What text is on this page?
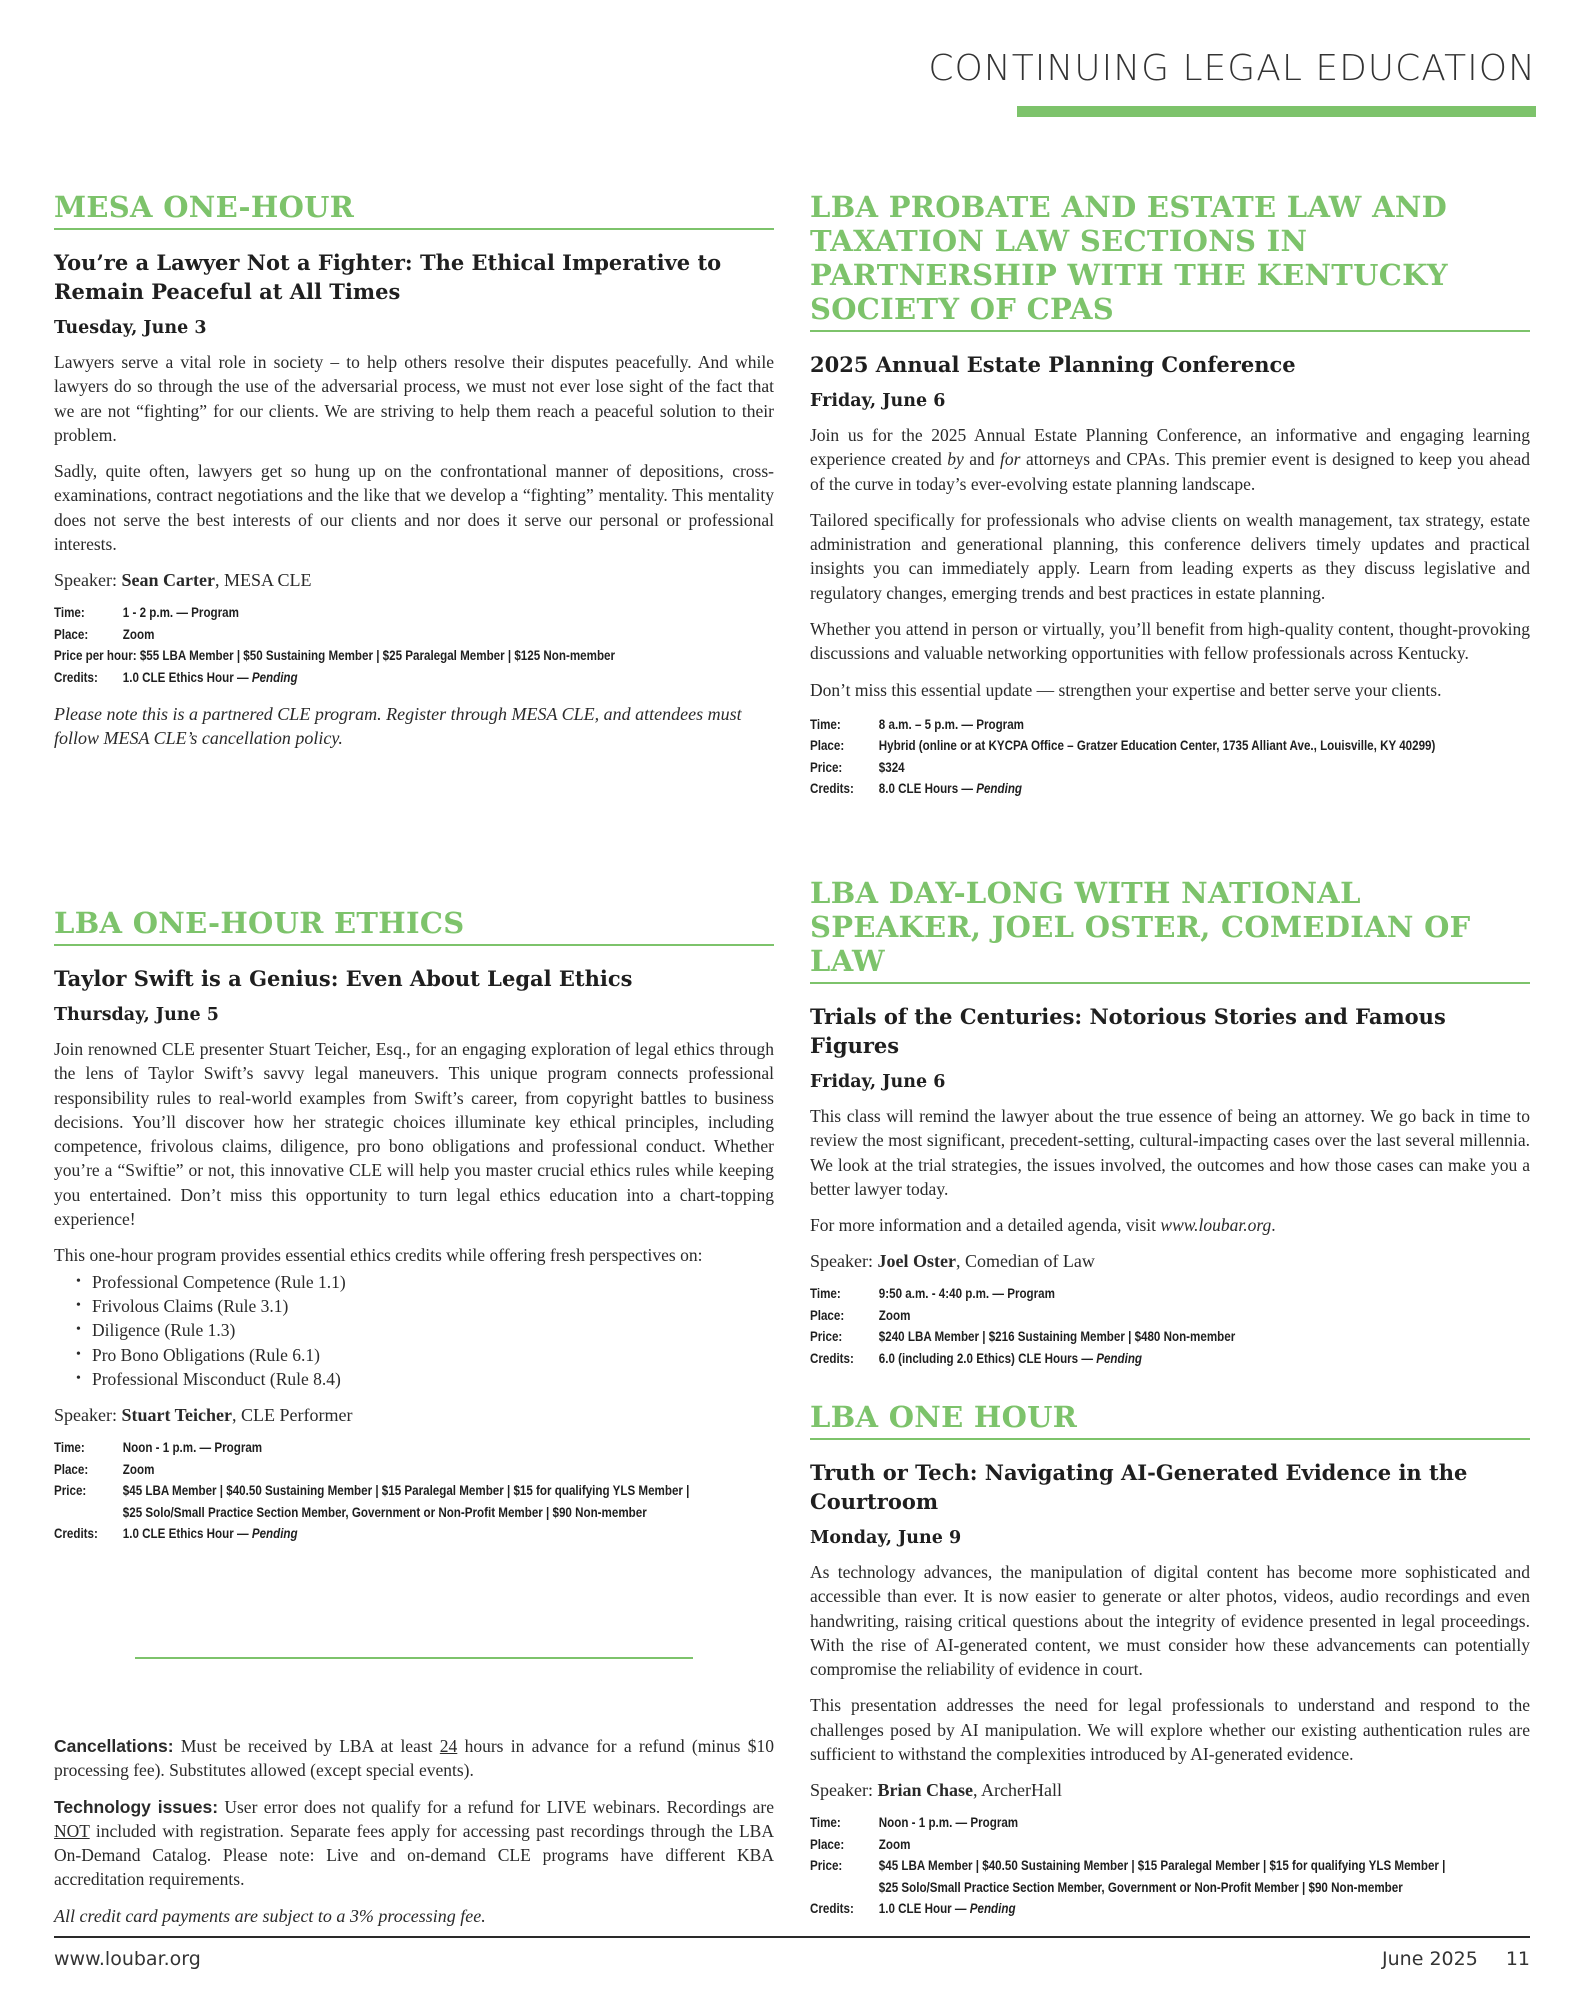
CONTINUING LEGAL EDUCATION
MESA ONE-HOUR
You’re a Lawyer Not a Fighter: The Ethical Imperative to Remain Peaceful at All Times
Tuesday, June 3

Lawyers serve a vital role in society – to help others resolve their disputes peacefully. And while lawyers do so through the use of the adversarial process, we must not ever lose sight of the fact that we are not “fighting” for our clients. We are striving to help them reach a peaceful solution to their problem.

Sadly, quite often, lawyers get so hung up on the confrontational manner of depositions, cross-examinations, contract negotiations and the like that we develop a “fighting” mentality. This mentality does not serve the best interests of our clients and nor does it serve our personal or professional interests.

Speaker: Sean Carter, MESA CLE
Time:	1 - 2 p.m. — Program
Place:	Zoom
Price per hour:
$55 LBA Member | $50 Sustaining Member | $25 Paralegal Member | $125 Non-member
Credits:	1.0 CLE Ethics Hour — Pending
Please note this is a partnered CLE program. Register through MESA CLE, and attendees must follow MESA CLE’s cancellation policy.
LBA PROBATE AND ESTATE LAW AND TAXATION LAW SECTIONS IN PARTNERSHIP WITH THE KENTUCKY SOCIETY OF CPAS
2025 Annual Estate Planning Conference
Friday, June 6

Join us for the 2025 Annual Estate Planning Conference, an informative and engaging learning experience created by and for attorneys and CPAs. This premier event is designed to keep you ahead of the curve in today’s ever-evolving estate planning landscape.

Tailored specifically for professionals who advise clients on wealth management, tax strategy, estate administration and generational planning, this conference delivers timely updates and practical insights you can immediately apply. Learn from leading experts as they discuss legislative and regulatory changes, emerging trends and best practices in estate planning.

Whether you attend in person or virtually, you’ll benefit from high-quality content, thought-provoking discussions and valuable networking opportunities with fellow professionals across Kentucky.

Don’t miss this essential update — strengthen your expertise and better serve your clients.

Time:	8 a.m. – 5 p.m. — Program
Place:	Hybrid (online or at KYCPA Office – Gratzer Education Center, 1735 Alliant Ave., Louisville, KY 40299)
Price:	$324
Credits:	8.0 CLE Hours — Pending
LBA ONE-HOUR ETHICS
Taylor Swift is a Genius: Even About Legal Ethics
Thursday, June 5

Join renowned CLE presenter Stuart Teicher, Esq., for an engaging exploration of legal ethics through the lens of Taylor Swift’s savvy legal maneuvers. This unique program connects professional responsibility rules to real-world examples from Swift’s career, from copyright battles to business decisions. You’ll discover how her strategic choices illuminate key ethical principles, including competence, frivolous claims, diligence, pro bono obligations and professional conduct. Whether you’re a “Swiftie” or not, this innovative CLE will help you master crucial ethics rules while keeping you entertained. Don’t miss this opportunity to turn legal ethics education into a chart-topping experience!

This one-hour program provides essential ethics credits while offering fresh perspectives on:

• Professional Competence (Rule 1.1)
• Frivolous Claims (Rule 3.1)
• Diligence (Rule 1.3)
• Pro Bono Obligations (Rule 6.1)
• Professional Misconduct (Rule 8.4)
Speaker: Stuart Teicher, CLE Performer
Time:	Noon - 1 p.m. — Program
Place:	Zoom
Price:	$45 LBA Member | $40.50 Sustaining Member | $15 Paralegal Member | $15 for qualifying YLS Member |
$25 Solo/Small Practice Section Member, Government or Non-Profit Member | $90 Non-member
Credits:	1.0 CLE Ethics Hour — Pending
LBA DAY-LONG WITH NATIONAL SPEAKER, JOEL OSTER, COMEDIAN OF LAW
Trials of the Centuries: Notorious Stories and Famous Figures
Friday, June 6

This class will remind the lawyer about the true essence of being an attorney. We go back in time to review the most significant, precedent-setting, cultural-impacting cases over the last several millennia. We look at the trial strategies, the issues involved, the outcomes and how those cases can make you a better lawyer today.

For more information and a detailed agenda, visit www.loubar.org.

Speaker: Joel Oster, Comedian of Law
Time:	9:50 a.m. - 4:40 p.m. — Program
Place:	Zoom
Price:	$240 LBA Member | $216 Sustaining Member | $480 Non-member
Credits:	6.0 (including 2.0 Ethics) CLE Hours — Pending
LBA ONE HOUR
Truth or Tech: Navigating AI-Generated Evidence in the Courtroom
Monday, June 9

As technology advances, the manipulation of digital content has become more sophisticated and accessible than ever. It is now easier to generate or alter photos, videos, audio recordings and even handwriting, raising critical questions about the integrity of evidence presented in legal proceedings. With the rise of AI-generated content, we must consider how these advancements can potentially compromise the reliability of evidence in court.

This presentation addresses the need for legal professionals to understand and respond to the challenges posed by AI manipulation. We will explore whether our existing authentication rules are sufficient to withstand the complexities introduced by AI-generated evidence.

Speaker: Brian Chase, ArcherHall
Time:	Noon - 1 p.m. — Program
Place:	Zoom
Price:	$45 LBA Member | $40.50 Sustaining Member | $15 Paralegal Member | $15 for qualifying YLS Member |
$25 Solo/Small Practice Section Member, Government or Non-Profit Member | $90 Non-member
Credits:	1.0 CLE Hour — Pending

Cancellations: Must be received by LBA at least 24 hours in advance for a refund (minus $10 processing fee). Substitutes allowed (except special events).

Technology issues: User error does not qualify for a refund for LIVE webinars. Recordings are NOT included with registration. Separate fees apply for accessing past recordings through the LBA On-Demand Catalog. Please note: Live and on-demand CLE programs have different KBA accreditation requirements.

All credit card payments are subject to a 3% processing fee.
www.loubar.org	June 2025 11
